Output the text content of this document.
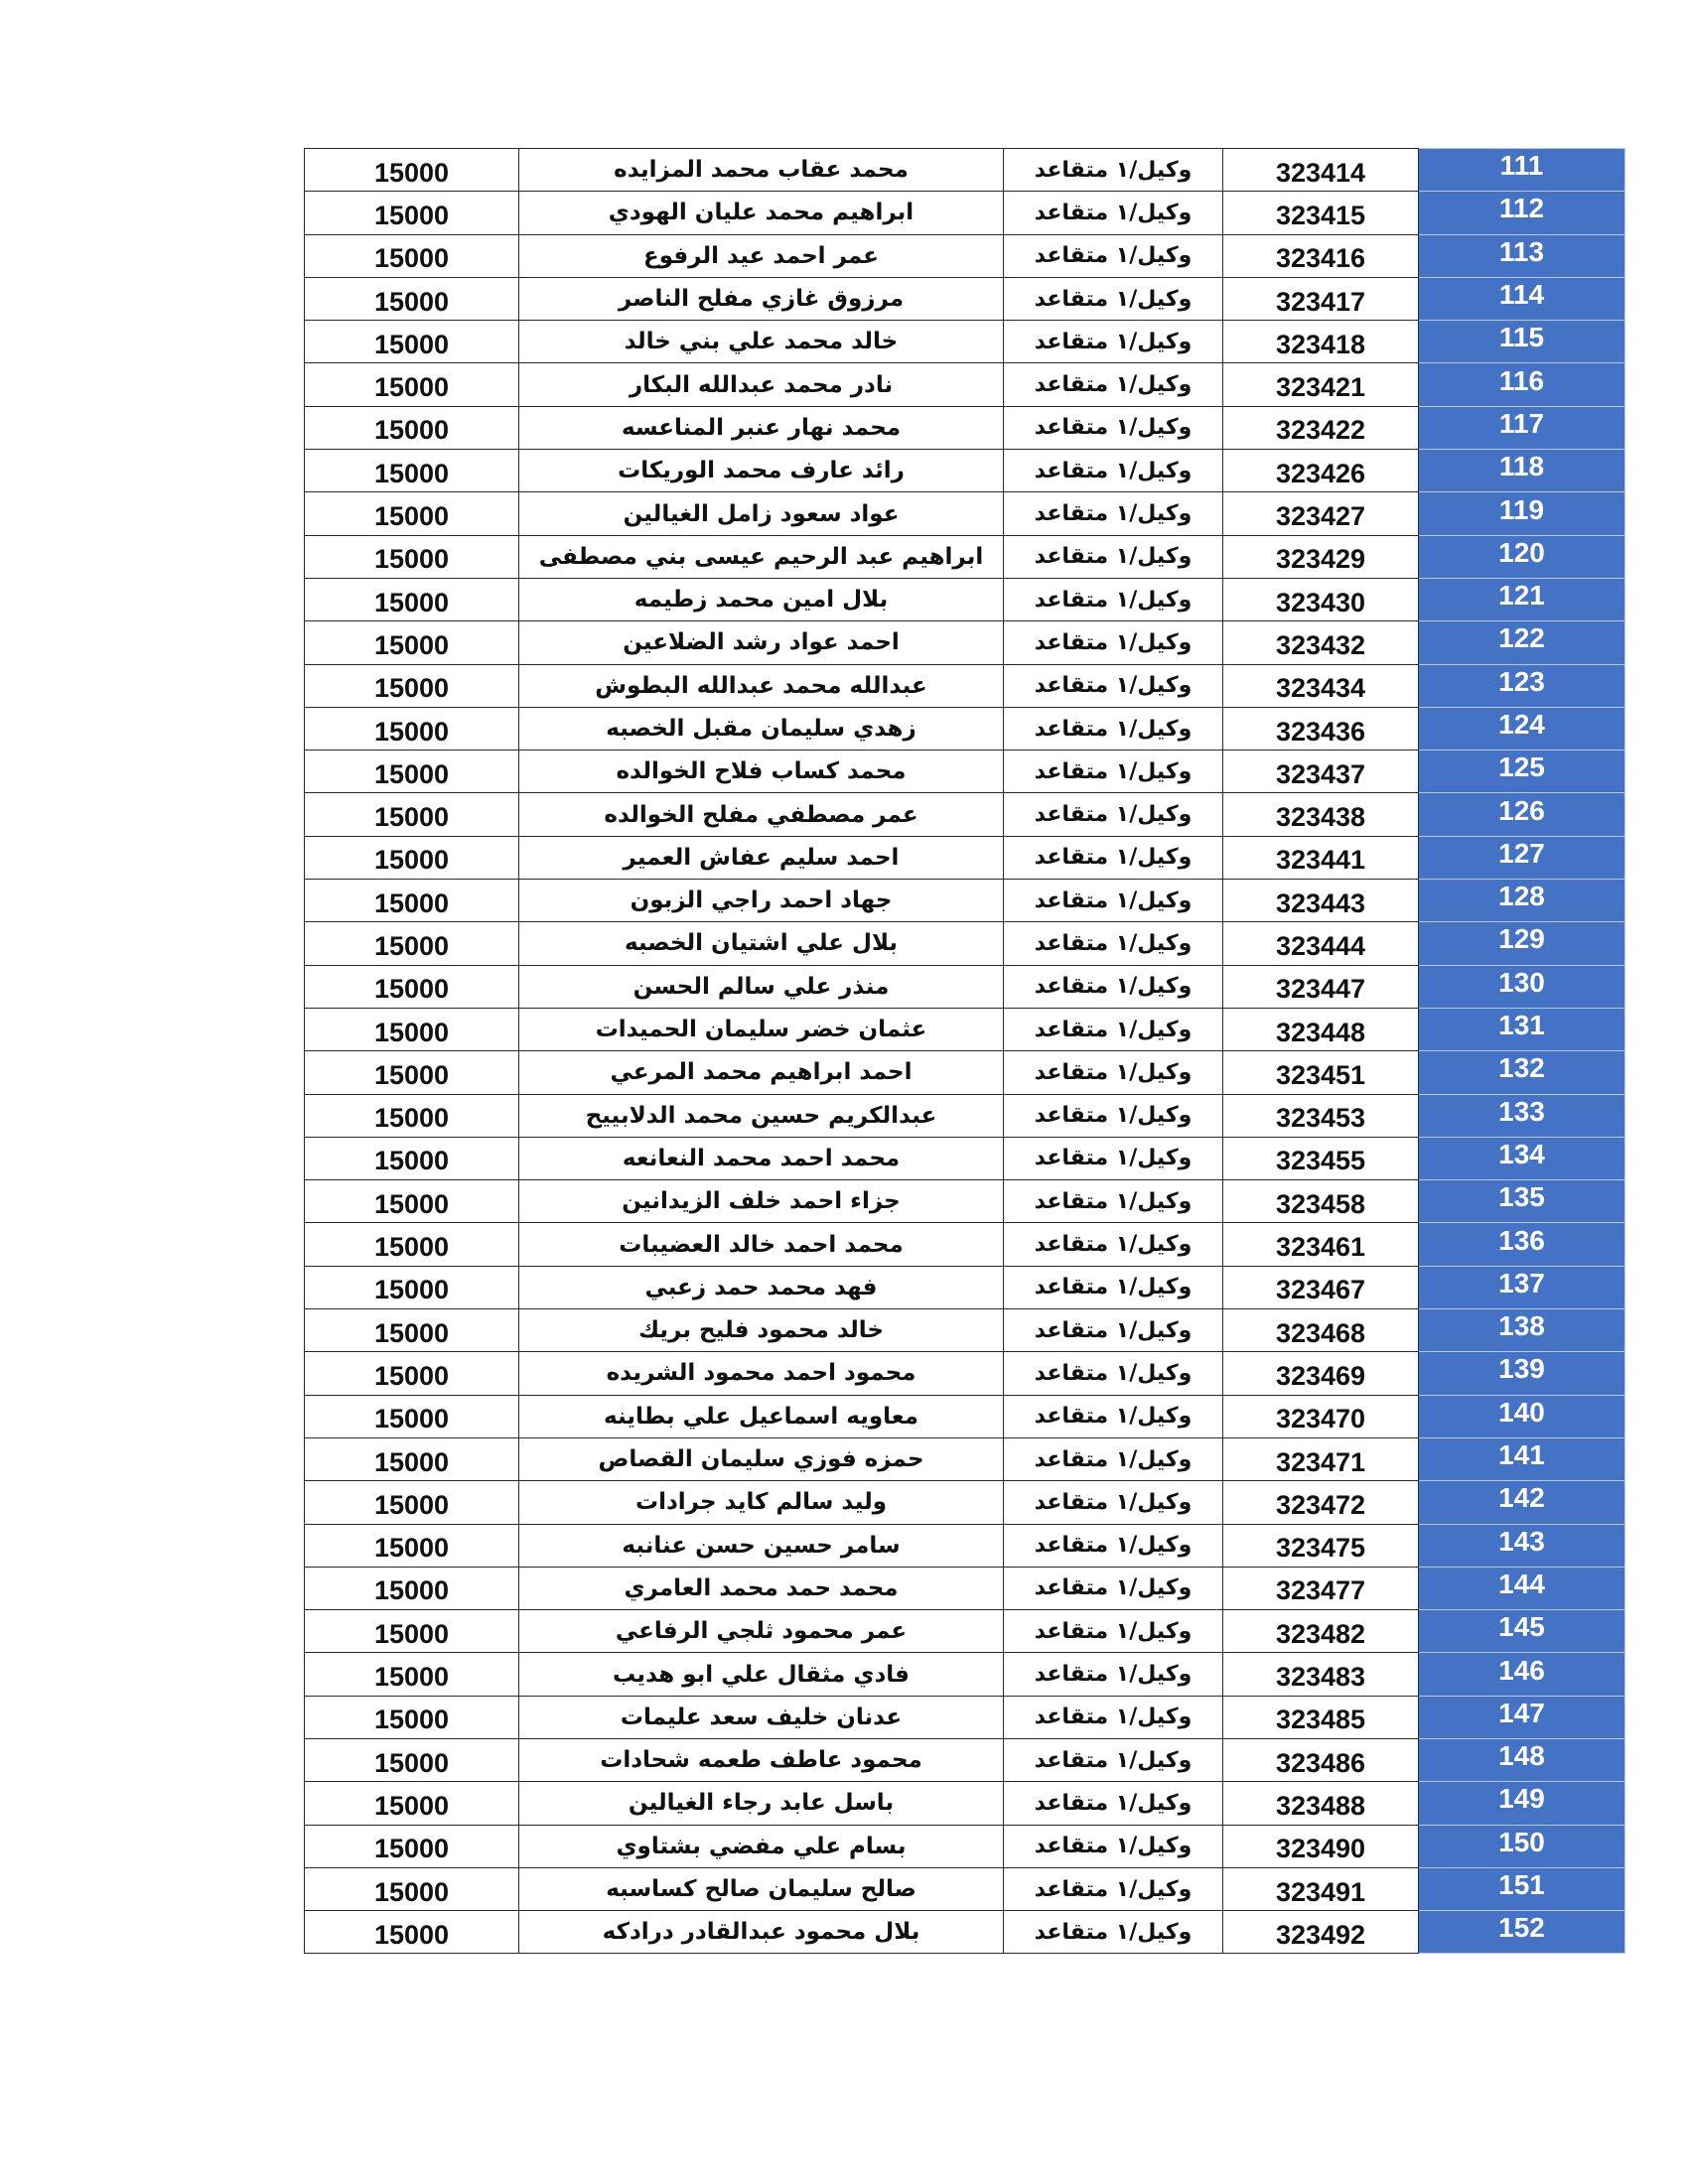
15000	محمد عقاب محمد المزايده	وكيل/١ متقاعد	323414	111
15000	ابراهيم محمد عليان الهودي	وكيل/١ متقاعد	323415	112
15000	عمر احمد عيد الرفوع	وكيل/١ متقاعد	323416	113
15000	مرزوق غازي مفلح الناصر	وكيل/١ متقاعد	323417	114
15000	خالد محمد علي بني خالد	وكيل/١ متقاعد	323418	115
15000	نادر محمد عبدالله البكار	وكيل/١ متقاعد	323421	116
15000	محمد نهار عنبر المناعسه	وكيل/١ متقاعد	323422	117
15000	رائد عارف محمد الوريكات	وكيل/١ متقاعد	323426	118
15000	عواد سعود زامل الغيالين	وكيل/١ متقاعد	323427	119
15000	ابراهيم عبد الرحيم عيسى بني مصطفى	وكيل/١ متقاعد	323429	120
15000	بلال امين محمد زطيمه	وكيل/١ متقاعد	323430	121
15000	احمد عواد رشد الضلاعين	وكيل/١ متقاعد	323432	122
15000	عبدالله محمد عبدالله البطوش	وكيل/١ متقاعد	323434	123
15000	زهدي سليمان مقبل الخصبه	وكيل/١ متقاعد	323436	124
15000	محمد كساب فلاح الخوالده	وكيل/١ متقاعد	323437	125
15000	عمر مصطفي مفلح الخوالده	وكيل/١ متقاعد	323438	126
15000	احمد سليم عفاش العمير	وكيل/١ متقاعد	323441	127
15000	جهاد احمد راجي الزبون	وكيل/١ متقاعد	323443	128
15000	بلال علي اشتيان الخصبه	وكيل/١ متقاعد	323444	129
15000	منذر علي سالم الحسن	وكيل/١ متقاعد	323447	130
15000	عثمان خضر سليمان الحميدات	وكيل/١ متقاعد	323448	131
15000	احمد ابراهيم محمد المرعي	وكيل/١ متقاعد	323451	132
15000	عبدالكريم حسين محمد الدلابييح	وكيل/١ متقاعد	323453	133
15000	محمد احمد محمد النعانعه	وكيل/١ متقاعد	323455	134
15000	جزاء احمد خلف الزيدانين	وكيل/١ متقاعد	323458	135
15000	محمد احمد خالد العضيبات	وكيل/١ متقاعد	323461	136
15000	فهد محمد حمد زعبي	وكيل/١ متقاعد	323467	137
15000	خالد محمود فليح بريك	وكيل/١ متقاعد	323468	138
15000	محمود احمد محمود الشريده	وكيل/١ متقاعد	323469	139
15000	معاويه اسماعيل علي بطاينه	وكيل/١ متقاعد	323470	140
15000	حمزه فوزي سليمان القصاص	وكيل/١ متقاعد	323471	141
15000	وليد سالم كايد جرادات	وكيل/١ متقاعد	323472	142
15000	سامر حسين حسن عنانبه	وكيل/١ متقاعد	323475	143
15000	محمد حمد محمد العامري	وكيل/١ متقاعد	323477	144
15000	عمر محمود ثلجي الرفاعي	وكيل/١ متقاعد	323482	145
15000	فادي مثقال علي ابو هديب	وكيل/١ متقاعد	323483	146
15000	عدنان خليف سعد عليمات	وكيل/١ متقاعد	323485	147
15000	محمود عاطف طعمه شحادات	وكيل/١ متقاعد	323486	148
15000	باسل عابد رجاء الغيالين	وكيل/١ متقاعد	323488	149
15000	بسام علي مفضي بشتاوي	وكيل/١ متقاعد	323490	150
15000	صالح سليمان صالح كساسبه	وكيل/١ متقاعد	323491	151
15000	بلال محمود عبدالقادر درادكه	وكيل/١ متقاعد	323492	152
